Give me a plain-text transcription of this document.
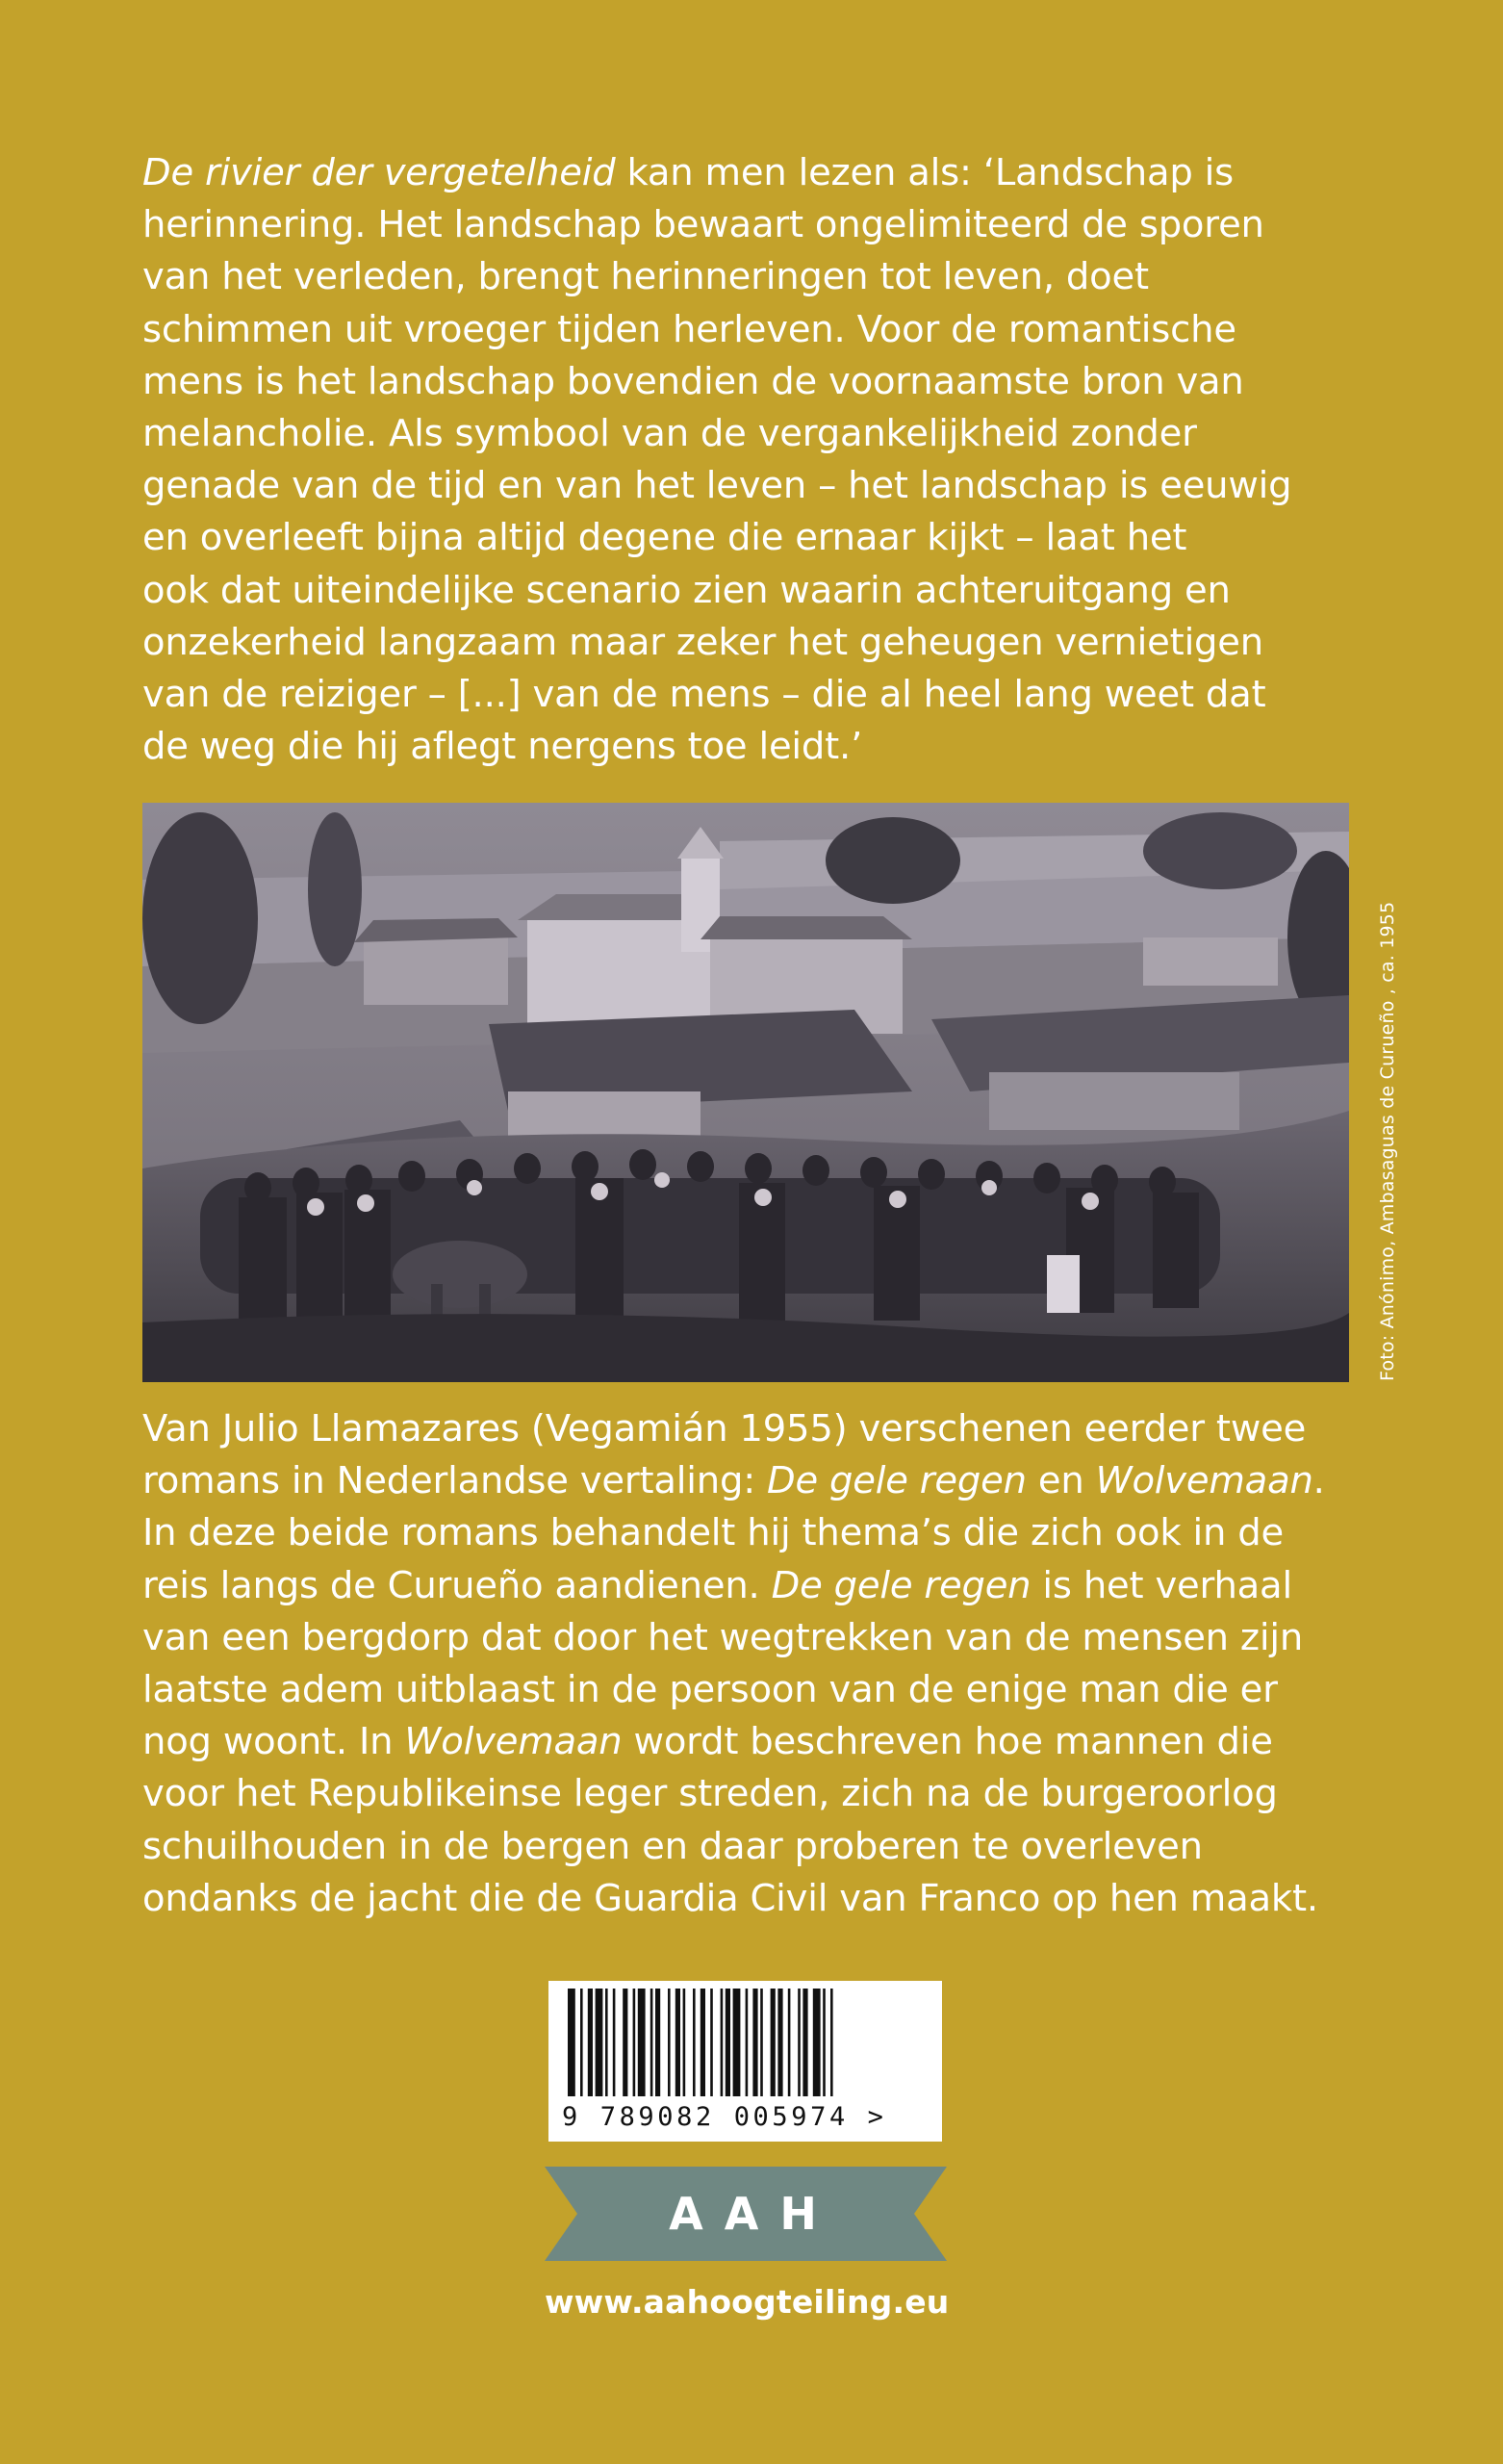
De rivier der vergetelheid kan men lezen als: ‘Landschap is
herinnering. Het landschap bewaart ongelimiteerd de sporen
van het verleden, brengt herinneringen tot leven, doet
schimmen uit vroeger tijden herleven. Voor de romantische
mens is het landschap bovendien de voornaamste bron van
melancholie. Als symbool van de vergankelijkheid zonder
genade van de tijd en van het leven – het landschap is eeuwig
en overleeft bijna altijd degene die ernaar kijkt – laat het
ook dat uiteindelijke scenario zien waarin achteruitgang en
onzekerheid langzaam maar zeker het geheugen vernietigen
van de reiziger – [...] van de mens – die al heel lang weet dat
de weg die hij aflegt nergens toe leidt.’
Foto: Anónimo, Ambasaguas de Curueño , ca. 1955
Van Julio Llamazares (Vegamián 1955) verschenen eerder twee
romans in Nederlandse vertaling: De gele regen en Wolvemaan.
In deze beide romans behandelt hij thema’s die zich ook in de
reis langs de Curueño aandienen. De gele regen is het verhaal
van een bergdorp dat door het wegtrekken van de mensen zijn
laatste adem uitblaast in de persoon van de enige man die er
nog woont. In Wolvemaan wordt beschreven hoe mannen die
voor het Republikeinse leger streden, zich na de burgeroorlog
schuilhouden in de bergen en daar proberen te overleven
ondanks de jacht die de Guardia Civil van Franco op hen maakt.
9 789082 005974 >
AAH
www.aahoogteiling.eu
